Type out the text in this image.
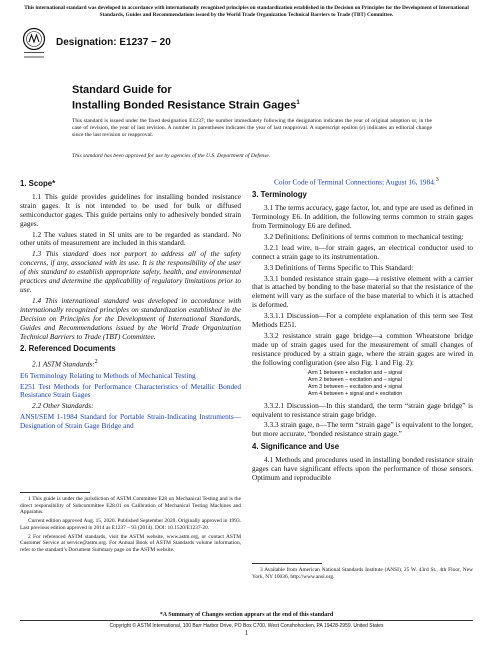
This international standard was developed in accordance with internationally recognized principles on standardization established in the Decision on Principles for the Development of International Standards, Guides and Recommendations issued by the World Trade Organization Technical Barriers to Trade (TBT) Committee.
Designation: E1237 − 20
Standard Guide for
Installing Bonded Resistance Strain Gages$^1$
This standard is issued under the fixed designation E1237; the number immediately following the designation indicates the year of original adoption or, in the case of revision, the year of last revision. A number in parentheses indicates the year of last reapproval. A superscript epsilon (ε) indicates an editorial change since the last revision or reapproval.
This standard has been approved for use by agencies of the U.S. Department of Defense.
1. Scope*

1.1 This guide provides guidelines for installing bonded resistance strain gages. It is not intended to be used for bulk or diffused semiconductor gages. This guide pertains only to adhesively bonded strain gages.

1.2 The values stated in SI units are to be regarded as standard. No other units of measurement are included in this standard.

1.3 This standard does not purport to address all of the safety concerns, if any, associated with its use. It is the responsibility of the user of this standard to establish appropriate safety, health, and environmental practices and determine the applicability of regulatory limitations prior to use.

1.4 This international standard was developed in accordance with internationally recognized principles on standardization established in the Decision on Principles for the Development of International Standards, Guides and Recommendations issued by the World Trade Organization Technical Barriers to Trade (TBT) Committee.

2. Referenced Documents

2.1 ASTM Standards:$^2$

E6 Terminology Relating to Methods of Mechanical Testing

E251 Test Methods for Performance Characteristics of Metallic Bonded Resistance Strain Gages

2.2 Other Standards:

ANSI/SEM 1-1984 Standard for Portable Strain-Indicating Instruments—Designation of Strain Gage Bridge and

Color Code of Terminal Connections; August 16, 1984.$^3$

3. Terminology

3.1 The terms accuracy, gage factor, lot, and type are used as defined in Terminology E6. In addition, the following terms common to strain gages from Terminology E6 are defined.

3.2 Definitions: Definitions of terms common to mechanical testing:

3.2.1 lead wire, n—for strain gages, an electrical conductor used to connect a strain gage to its instrumentation.

3.3 Definitions of Terms Specific to This Standard:

3.3.1 bonded resistance strain gage—a resistive element with a carrier that is attached by bonding to the base material so that the resistance of the element will vary as the surface of the base material to which it is attached is deformed.

3.3.1.1 Discussion—For a complete explanation of this term see Test Methods E251.

3.3.2 resistance strain gage bridge—a common Wheatstone bridge made up of strain gages used for the measurement of small changes of resistance produced by a strain gage, where the strain gages are wired in the following configuration (see also Fig. 1 and Fig. 2):

Arm 1 between + excitation and – signal
Arm 2 between – excitation and – signal
Arm 3 between – excitation and + signal
Arm 4 between + signal and + excitation

3.3.2.1 Discussion—In this standard, the term “strain gage bridge” is equivalent to resistance strain gage bridge.

3.3.3 strain gage, n—The term “strain gage” is equivalent to the longer, but more accurate, “bonded resistance strain gage.”

4. Significance and Use

4.1 Methods and procedures used in installing bonded resistance strain gages can have significant effects upon the performance of those sensors. Optimum and reproducible

1 This guide is under the jurisdiction of ASTM Committee E28 on Mechanical Testing and is the direct responsibility of Subcommittee E28.01 on Calibration of Mechanical Testing Machines and Apparatus.

Current edition approved Aug. 15, 2020. Published September 2020. Originally approved in 1993. Last previous edition approved in 2014 as E1237 – 93 (2014). DOI: 10.1520/E1237-20.

2 For referenced ASTM standards, visit the ASTM website, www.astm.org, or contact ASTM Customer Service at service@astm.org. For Annual Book of ASTM Standards volume information, refer to the standard’s Document Summary page on the ASTM website.

3 Available from American National Standards Institute (ANSI), 25 W. 43rd St., 4th Floor, New York, NY 10036, http://www.ansi.org.

*A Summary of Changes section appears at the end of this standard
Copyright © ASTM International, 100 Barr Harbor Drive, PO Box C700, West Conshohocken, PA 19428-2959. United States
1
